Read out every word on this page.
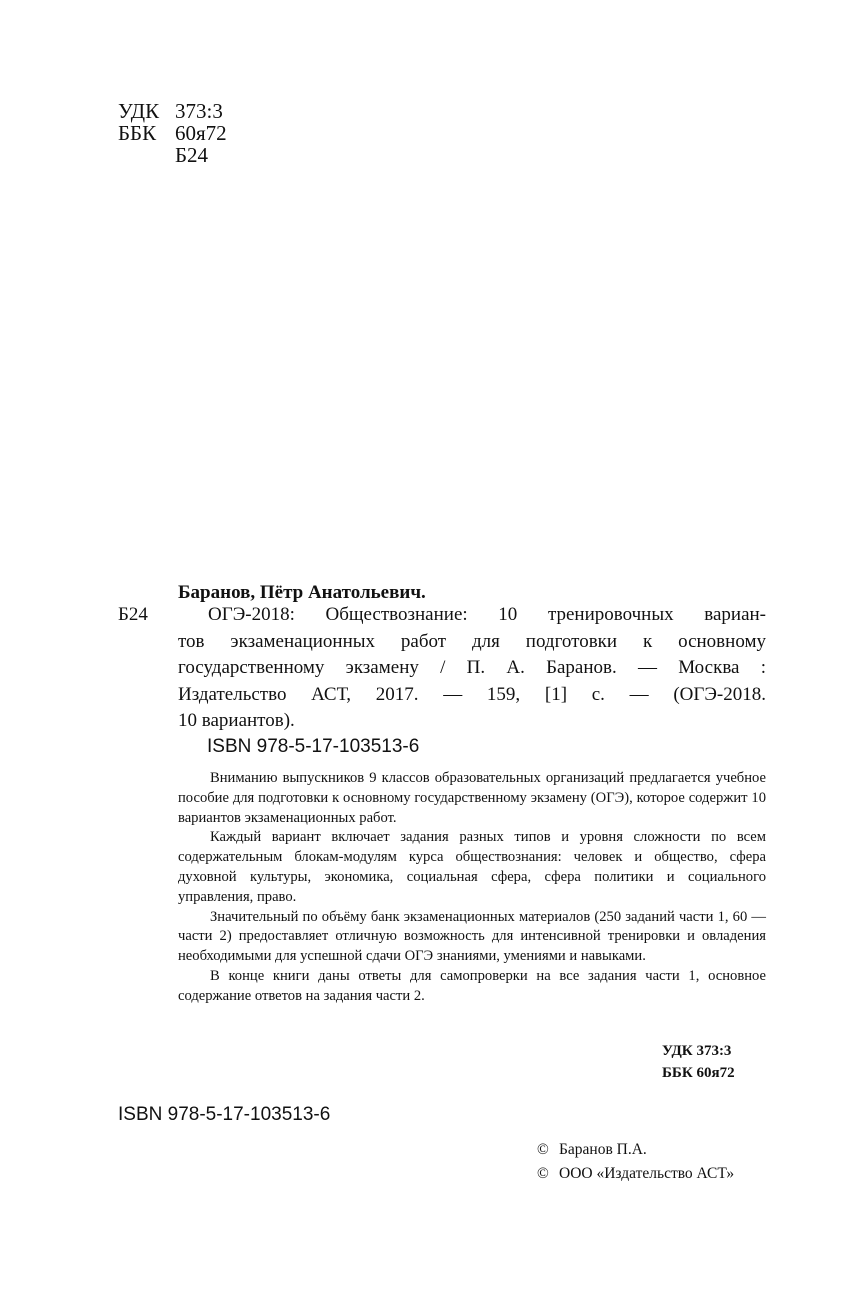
УДК 373:3
ББК 60я72
Б24
Баранов, Пётр Анатольевич.
Б24	ОГЭ-2018: Обществознание: 10 тренировочных вариан-
тов экзаменационных работ для подготовки к основному
государственному экзамену / П. А. Баранов. — Москва :
Издательство АСТ, 2017. — 159, [1] с. — (ОГЭ-2018.
10 вариантов).
ISBN 978-5-17-103513-6

Вниманию выпускников 9 классов образовательных организаций предлагается учебное пособие для подготовки к основному государственному экзамену (ОГЭ), которое содержит 10 вариантов экзаменационных работ.

Каждый вариант включает задания разных типов и уровня сложности по всем содержательным блокам-модулям курса обществознания: человек и общество, сфера духовной культуры, экономика, социальная сфера, сфера политики и социального управления, право.

Значительный по объёму банк экзаменационных материалов (250 заданий части 1, 60 — части 2) предоставляет отличную возможность для интенсивной тренировки и овладения необходимыми для успешной сдачи ОГЭ знаниями, умениями и навыками.

В конце книги даны ответы для самопроверки на все задания части 1, основное содержание ответов на задания части 2.

УДК 373:3
ББК 60я72
ISBN 978-5-17-103513-6
© Баранов П.А.
© ООО «Издательство АСТ»
